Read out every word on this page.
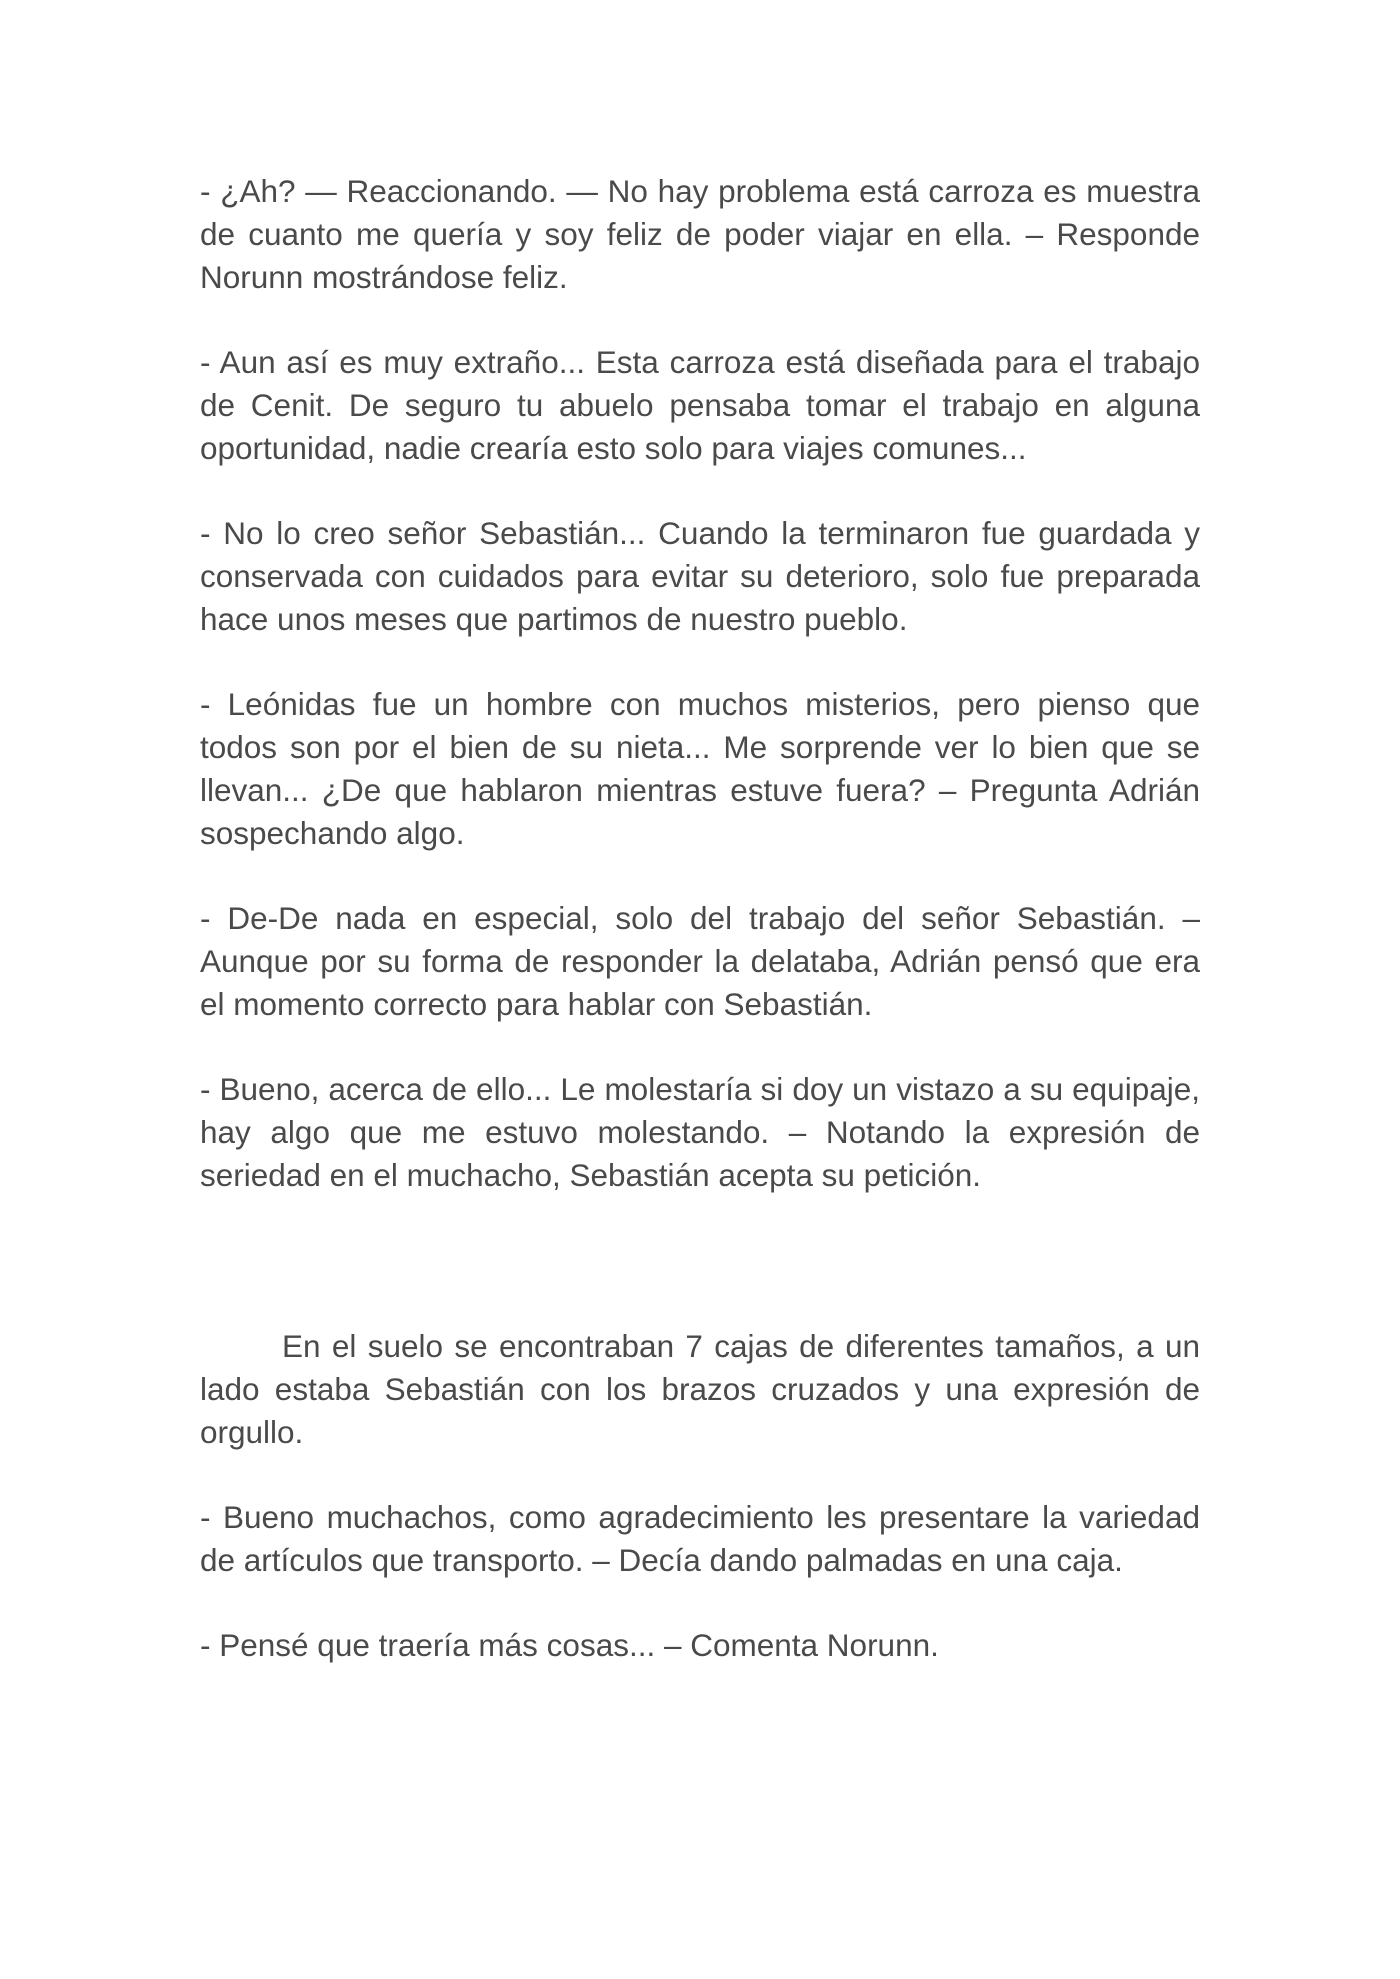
- ¿Ah? — Reaccionando. — No hay problema está carroza es muestra de cuanto me quería y soy feliz de poder viajar en ella. – Responde Norunn mostrándose feliz.

- Aun así es muy extraño... Esta carroza está diseñada para el trabajo de Cenit. De seguro tu abuelo pensaba tomar el trabajo en alguna oportunidad, nadie crearía esto solo para viajes comunes...

- No lo creo señor Sebastián... Cuando la terminaron fue guardada y conservada con cuidados para evitar su deterioro, solo fue preparada hace unos meses que partimos de nuestro pueblo.

- Leónidas fue un hombre con muchos misterios, pero pienso que todos son por el bien de su nieta... Me sorprende ver lo bien que se llevan... ¿De que hablaron mientras estuve fuera? – Pregunta Adrián sospechando algo.

- De-De nada en especial, solo del trabajo del señor Sebastián. – Aunque por su forma de responder la delataba, Adrián pensó que era el momento correcto para hablar con Sebastián.

- Bueno, acerca de ello... Le molestaría si doy un vistazo a su equipaje, hay algo que me estuvo molestando. – Notando la expresión de seriedad en el muchacho, Sebastián acepta su petición.

En el suelo se encontraban 7 cajas de diferentes tamaños, a un lado estaba Sebastián con los brazos cruzados y una expresión de orgullo.

- Bueno muchachos, como agradecimiento les presentare la variedad de artículos que transporto. – Decía dando palmadas en una caja.

- Pensé que traería más cosas... – Comenta Norunn.
